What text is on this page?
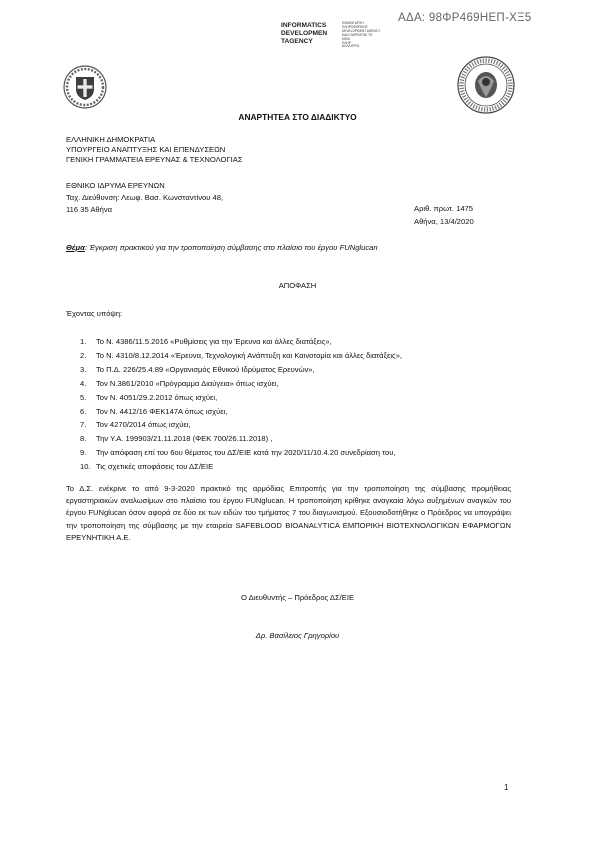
ΑΔΑ: 98ΦΡ469ΗΕΠ-ΧΞ5
INFORMATICS
DEVELOPMEN
TAGENCY
ΕΘΝΙΚΗ ΑΡΧΗ
ΠΛΗΡΟΦΟΡΙΚΗΣ
DEVELOPMENT AGENCY
ΕΔΩ ΠΑΡΕΧΕΤΑΙ ΤΟ
ΚΕΙΜ
ΠΛΗΡ
ΑΛΛΑ ΕΡΓΑ
ΑΝΑΡΤΗΤΕΑ ΣΤΟ ΔΙΑΔΙΚΤΥΟ
ΕΛΛΗΝΙΚΗ ΔΗΜΟΚΡΑΤΙΑ
ΥΠΟΥΡΓΕΙΟ ΑΝΑΠΤΥΞΗΣ ΚΑΙ ΕΠΕΝΔΥΣΕΩΝ
ΓΕΝΙΚΗ ΓΡΑΜΜΑΤΕΙΑ ΕΡΕΥΝΑΣ & ΤΕΧΝΟΛΟΓΙΑΣ
ΕΘΝΙΚΟ ΙΔΡΥΜΑ ΕΡΕΥΝΩΝ
Ταχ. Διεύθυνση: Λεωφ. Βασ. Κωνσταντίνου 48,
116 35 Αθήνα	Αριθ. πρωτ. 1475
Αθήνα, 13/4/2020
Θέμα: Έγκριση πρακτικού για την τροποποίηση σύμβασης στο πλαίσιο του έργου FUNglucan
ΑΠΟΦΑΣΗ
Έχοντας υπόψη:
1. Το Ν. 4386/11.5.2016 «Ρυθμίσεις για την Έρευνα και άλλες διατάξεις»,
2. Το Ν. 4310/8.12.2014 «Έρευνα, Τεχνολογική Ανάπτυξη και Καινοτομία και άλλες διατάξεις»,
3. Το Π.Δ. 226/25.4.89 «Οργανισμός Εθνικού Ιδρύματος Ερευνών»,
4. Τον Ν.3861/2010 «Πρόγραμμα Διαύγεια» όπως ισχύει,
5. Τον Ν. 4051/29.2.2012 όπως ισχύει,
6. Τον Ν. 4412/16 ΦΕΚ147Α όπως ισχύει,
7. Τον 4270/2014 όπως ισχύει,
8. Την Υ.Α. 199903/21.11.2018 (ΦΕΚ 700/26.11.2018) ,
9. Την απόφαση επί του 6ου θέματος του ΔΣ/ΕΙΕ κατά την 2020/11/10.4.20 συνεδρίαση του,
10. Τις σχετικές αποφάσεις του ΔΣ/ΕΙΕ
Το Δ.Σ. ενέκρινε το από 9-3-2020 πρακτικό της αρμόδιας Επιτροπής για την τροποποίηση της σύμβασης προμήθειας εργαστηριακών αναλωσίμων στο πλαίσιο του έργου FUNglucan. Η τροποποίηση κρίθηκε αναγκαία λόγω αυξημένων αναγκών του έργου FUNglucan όσον αφορά σε δύο εκ των ειδών του τμήματος 7 του διαγωνισμού. Εξουσιοδοτήθηκε ο Πρόεδρος να υπογράψει την τροποποίηση της σύμβασης με την εταιρεία SAFEBLOOD BIOANALYTICA ΕΜΠΟΡΙΚΗ ΒΙΟΤΕΧΝΟΛΟΓΙΚΩΝ ΕΦΑΡΜΟΓΩΝ ΕΡΕΥΝΗΤΙΚΗ Α.Ε.
Ο Διευθυντής – Πρόεδρος ΔΣ/ΕΙΕ
Δρ. Βασίλειος Γρηγορίου
1
